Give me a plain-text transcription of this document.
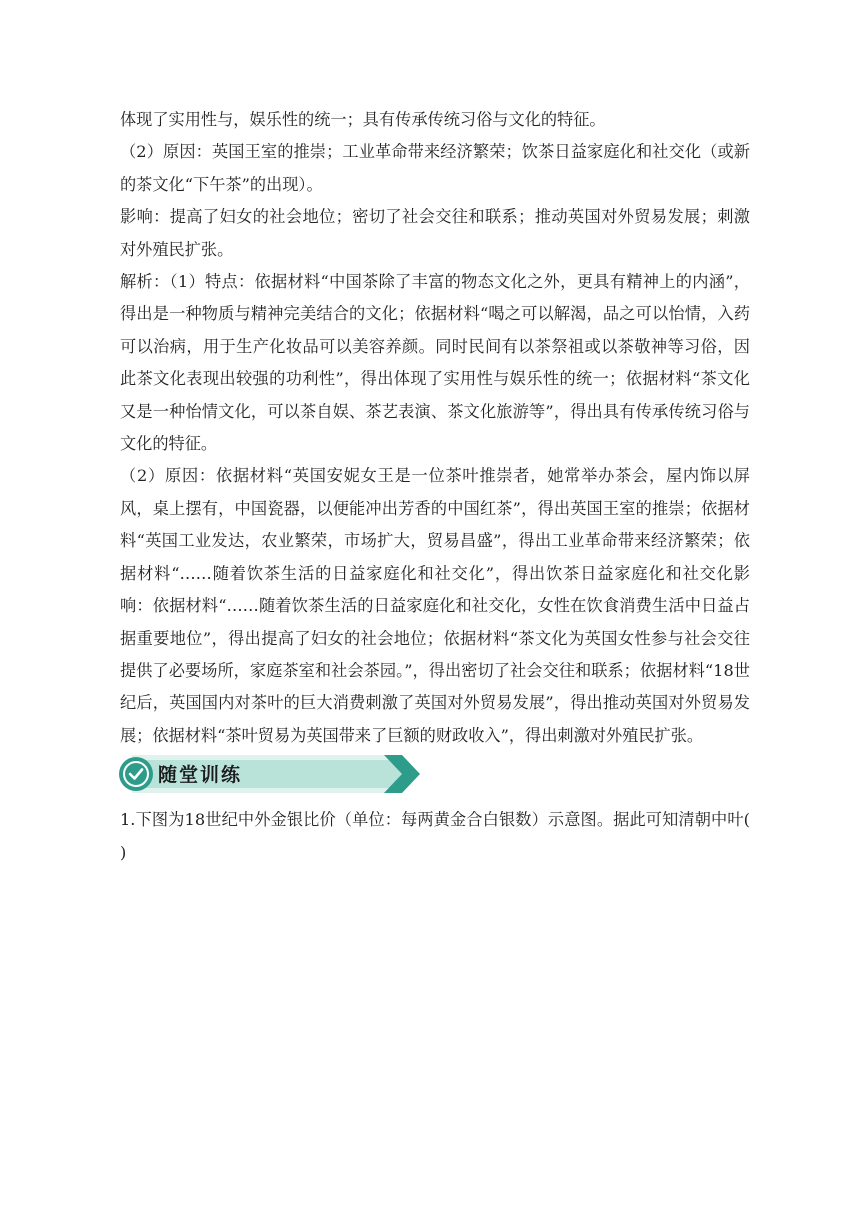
体现了实用性与，娱乐性的统一；具有传承传统习俗与文化的特征。

（2）原因：英国王室的推崇；工业革命带来经济繁荣；饮茶日益家庭化和社交化（或新的茶文化“下午茶”的出现）。

影响：提高了妇女的社会地位；密切了社会交往和联系；推动英国对外贸易发展；刺激对外殖民扩张。

解析：（1）特点：依据材料“中国茶除了丰富的物态文化之外，更具有精神上的内涵”，得出是一种物质与精神完美结合的文化；依据材料“喝之可以解渴，品之可以怡情，入药可以治病，用于生产化妆品可以美容养颜。同时民间有以茶祭祖或以茶敬神等习俗，因此茶文化表现出较强的功利性”，得出体现了实用性与娱乐性的统一；依据材料“茶文化又是一种怡情文化，可以茶自娱、茶艺表演、茶文化旅游等”，得出具有传承传统习俗与文化的特征。

（2）原因：依据材料“英国安妮女王是一位茶叶推崇者，她常举办茶会，屋内饰以屏风，桌上摆有，中国瓷器，以便能冲出芳香的中国红茶”，得出英国王室的推崇；依据材料“英国工业发达，农业繁荣，市场扩大，贸易昌盛”，得出工业革命带来经济繁荣；依据材料“……随着饮茶生活的日益家庭化和社交化”，得出饮茶日益家庭化和社交化影响：依据材料“……随着饮茶生活的日益家庭化和社交化，女性在饮食消费生活中日益占据重要地位”，得出提高了妇女的社会地位；依据材料“茶文化为英国女性参与社会交往提供了必要场所，家庭茶室和社会茶园。”，得出密切了社会交往和联系；依据材料“18世纪后，英国国内对茶叶的巨大消费刺激了英国对外贸易发展”，得出推动英国对外贸易发展；依据材料“茶叶贸易为英国带来了巨额的财政收入”，得出刺激对外殖民扩张。

随堂训练

1.下图为18世纪中外金银比价（单位：每两黄金合白银数）示意图。据此可知清朝中叶(      )
